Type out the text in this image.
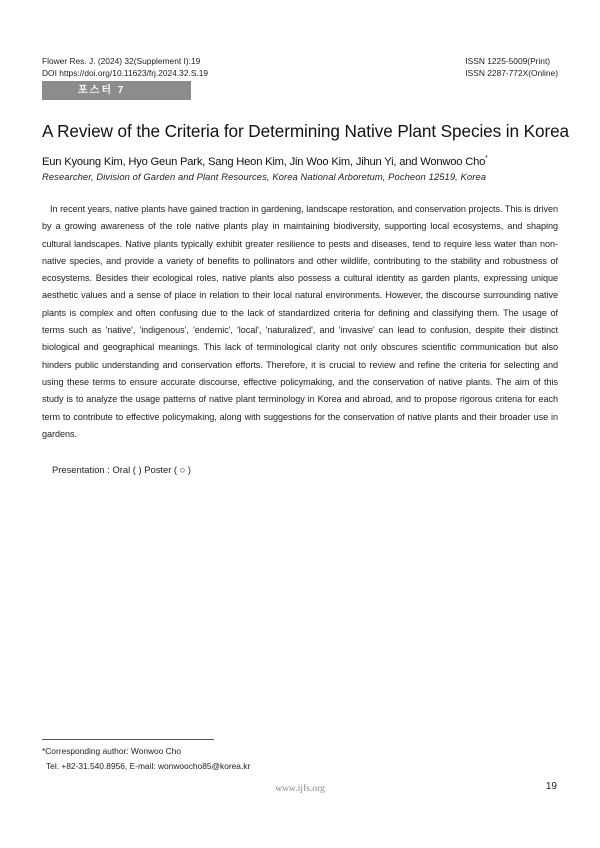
Flower Res. J. (2024) 32(Supplement I):19
DOI https://doi.org/10.11623/frj.2024.32.S.19
ISSN 1225-5009(Print)
ISSN 2287-772X(Online)
포스터 7
A Review of the Criteria for Determining Native Plant Species in Korea
Eun Kyoung Kim, Hyo Geun Park, Sang Heon Kim, Jin Woo Kim, Jihun Yi, and Wonwoo Cho*
Researcher, Division of Garden and Plant Resources, Korea National Arboretum, Pocheon 12519, Korea

In recent years, native plants have gained traction in gardening, landscape restoration, and conservation projects. This is driven by a growing awareness of the role native plants play in maintaining biodiversity, supporting local ecosystems, and shaping cultural landscapes. Native plants typically exhibit greater resilience to pests and diseases, tend to require less water than non-native species, and provide a variety of benefits to pollinators and other wildlife, contributing to the stability and robustness of ecosystems. Besides their ecological roles, native plants also possess a cultural identity as garden plants, expressing unique aesthetic values and a sense of place in relation to their local natural environments. However, the discourse surrounding native plants is complex and often confusing due to the lack of standardized criteria for defining and classifying them. The usage of terms such as 'native', 'indigenous', 'endemic', 'local', 'naturalized', and 'invasive' can lead to confusion, despite their distinct biological and geographical meanings. This lack of terminological clarity not only obscures scientific communication but also hinders public understanding and conservation efforts. Therefore, it is crucial to review and refine the criteria for selecting and using these terms to ensure accurate discourse, effective policymaking, and the conservation of native plants. The aim of this study is to analyze the usage patterns of native plant terminology in Korea and abroad, and to propose rigorous criteria for each term to contribute to effective policymaking, along with suggestions for the conservation of native plants and their broader use in gardens.

Presentation : Oral ( ) Poster ( ○ )
*Corresponding author: Wonwoo Cho
Tel. +82-31.540.8956, E-mail: wonwoocho85@korea.kr
www.ijfs.org	19
